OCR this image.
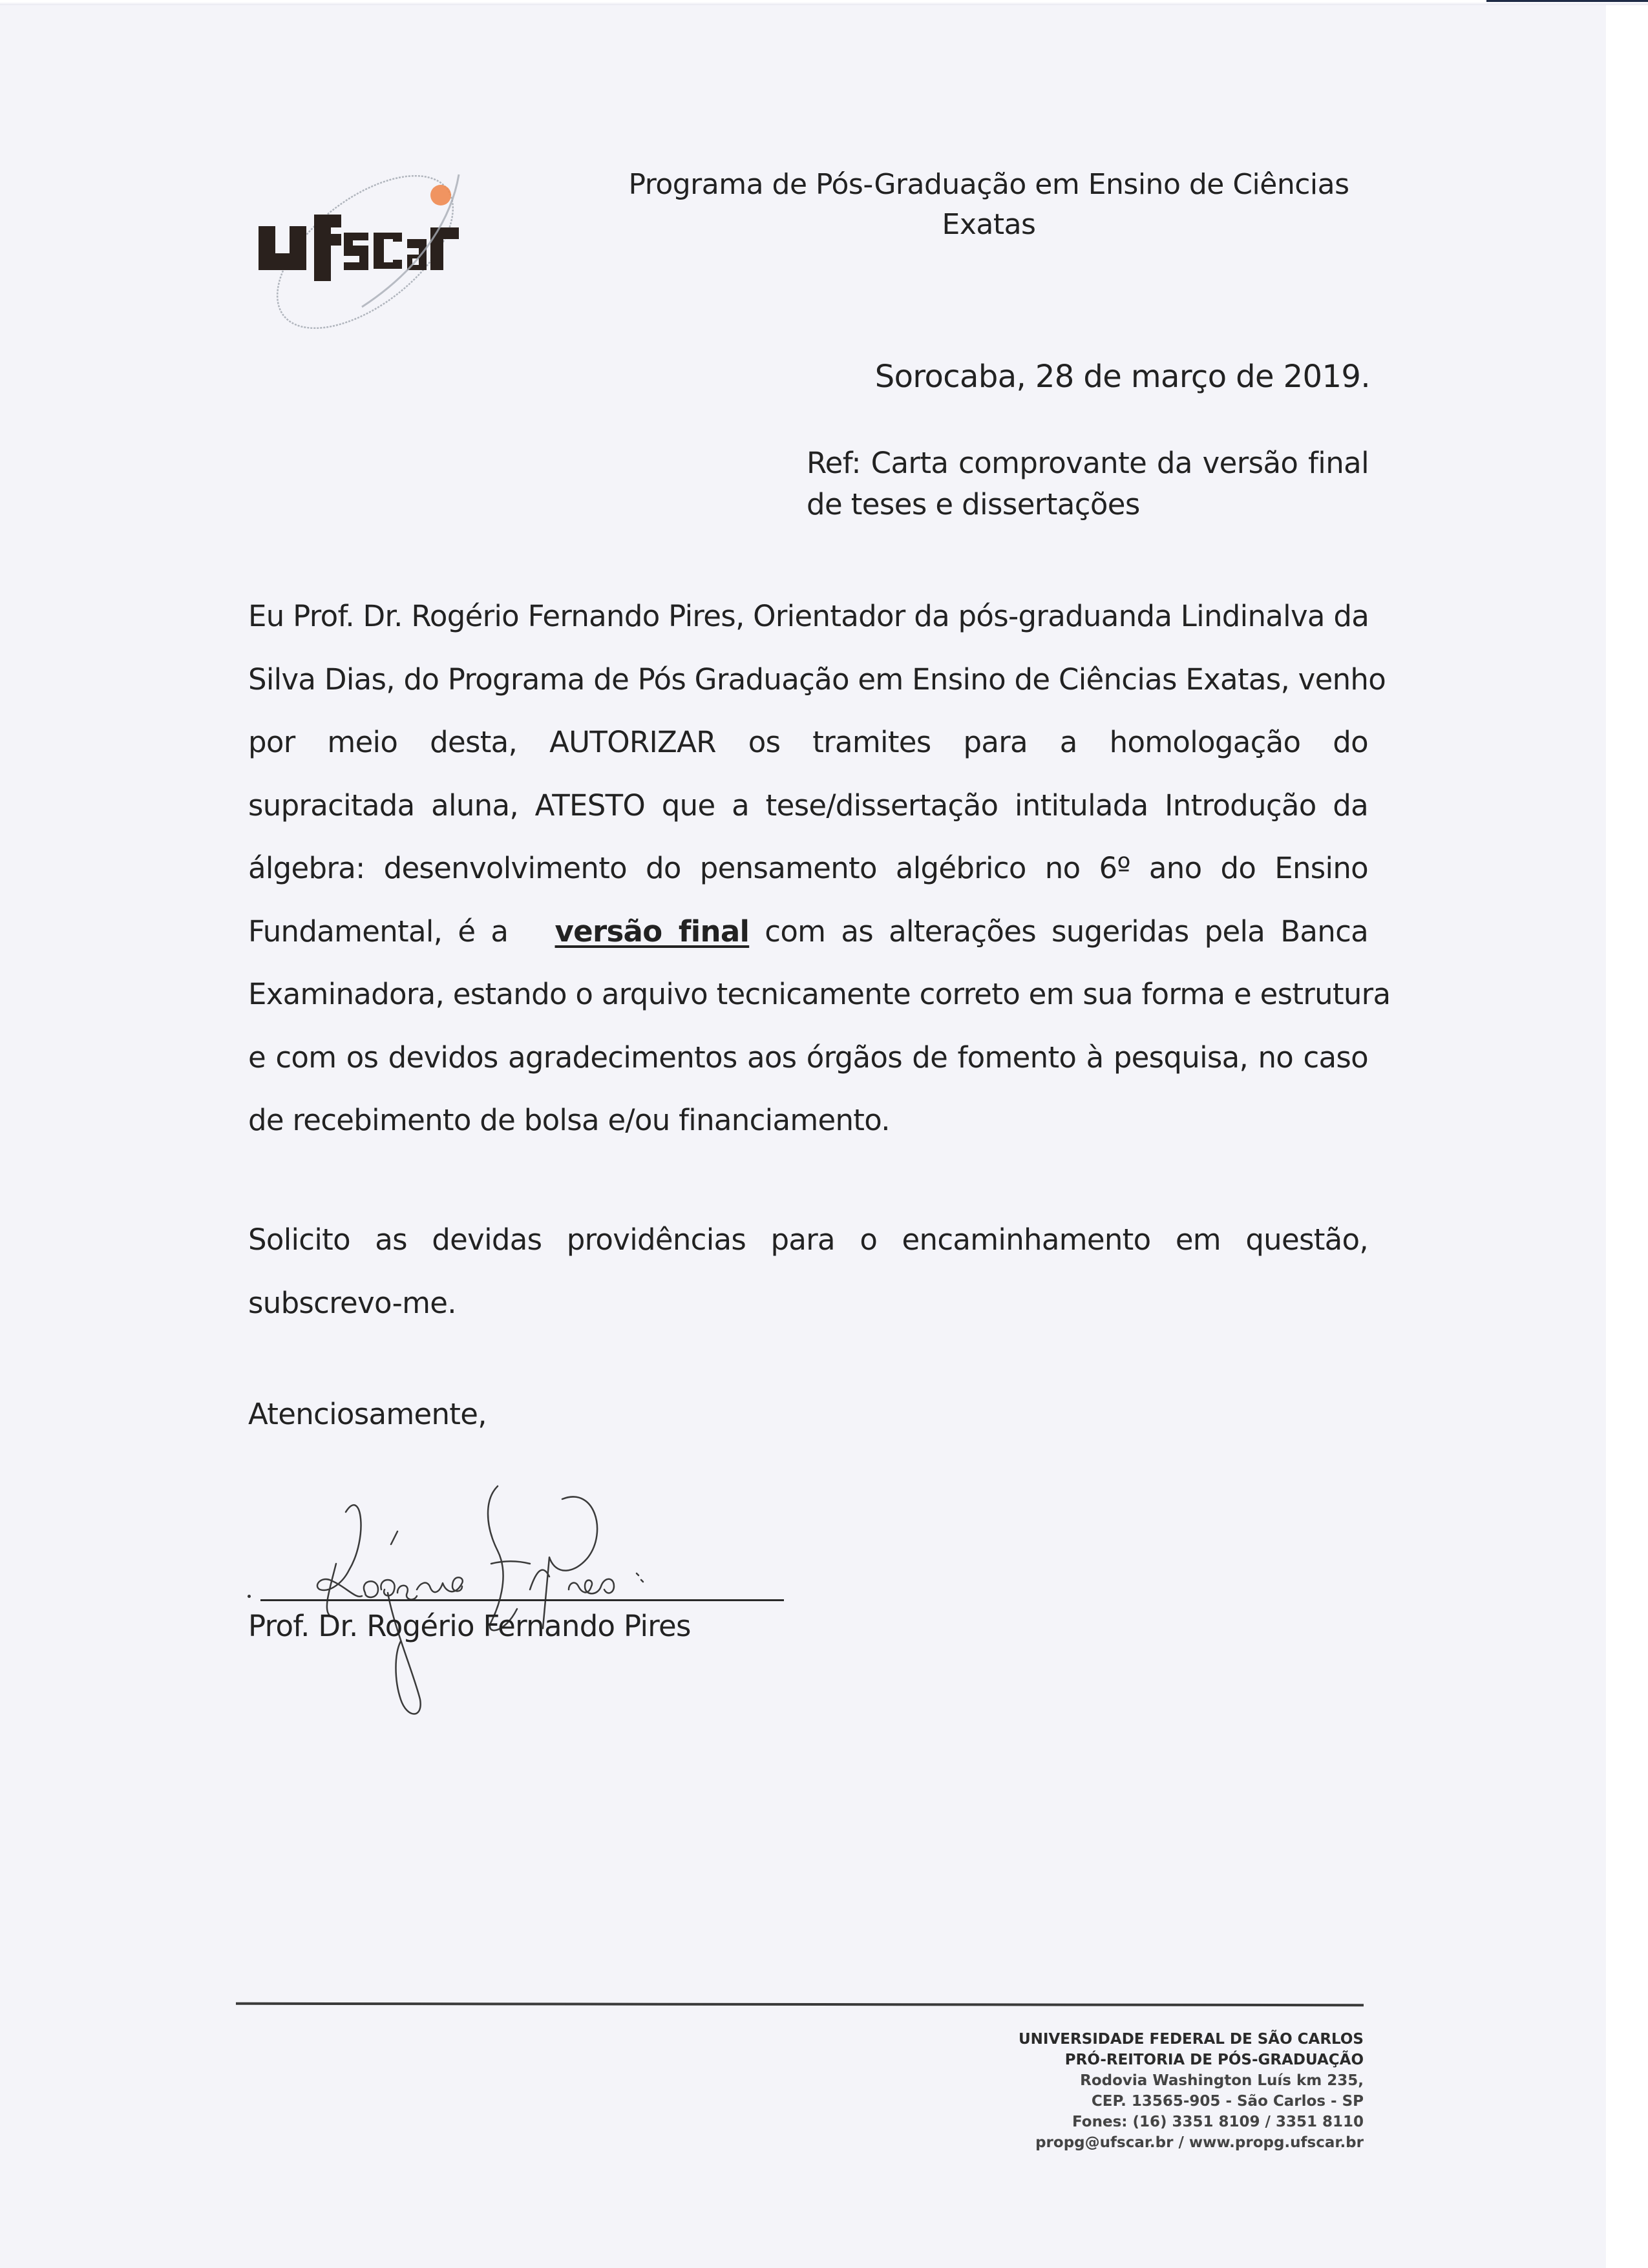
Programa de Pós-Graduação em Ensino de Ciências
Exatas
Sorocaba, 28 de março de 2019.
Ref: Carta comprovante da versão final
de teses e dissertações
Eu Prof. Dr. Rogério Fernando Pires, Orientador da pós-graduanda Lindinalva da
Silva Dias, do Programa de Pós Graduação em Ensino de Ciências Exatas, venho
por meio desta, AUTORIZAR os tramites para a homologação do
supracitada aluna, ATESTO que a tese/dissertação intitulada Introdução da
álgebra: desenvolvimento do pensamento algébrico no 6º ano do Ensino
Fundamental, é a versão final com as alterações sugeridas pela Banca
Examinadora, estando o arquivo tecnicamente correto em sua forma e estrutura
e com os devidos agradecimentos aos órgãos de fomento à pesquisa, no caso
de recebimento de bolsa e/ou financiamento.
Solicito as devidas providências para o encaminhamento em questão,
subscrevo-me.
Atenciosamente,
Prof. Dr. Rogério Fernando Pires
UNIVERSIDADE FEDERAL DE SÃO CARLOS
PRÓ-REITORIA DE PÓS-GRADUAÇÃO
Rodovia Washington Luís km 235,
CEP. 13565-905 - São Carlos - SP
Fones: (16) 3351 8109 / 3351 8110
propg@ufscar.br / www.propg.ufscar.br
